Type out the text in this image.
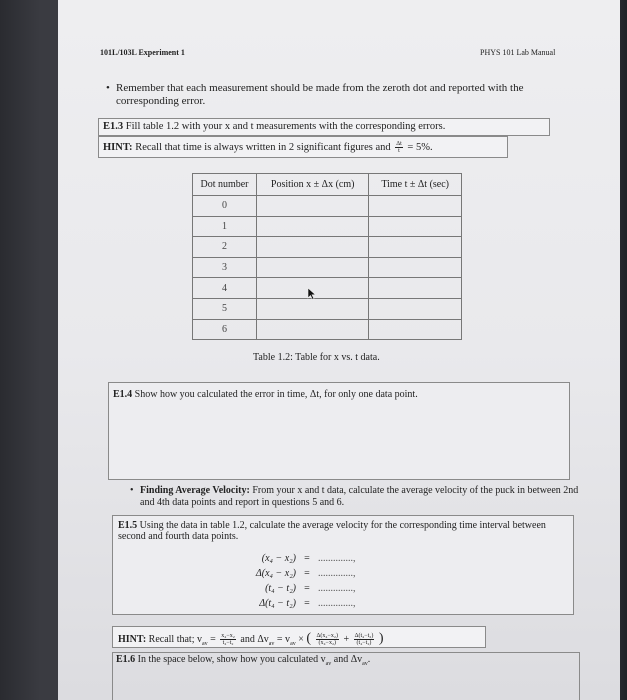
101L/103L Experiment 1	PHYS 101 Lab Manual
• Remember that each measurement should be made from the zeroth dot and reported with the corresponding error.
E1.3 Fill table 1.2 with your x and t measurements with the corresponding errors.
HINT: Recall that time is always written in 2 significant figures and $\frac{\Delta t}{t} = 5\%$.
Dot number	Position x ± Δx (cm)	Time t ± Δt (sec)
0		
1		
2		
3		
4		
5		
6		
Table 1.2: Table for x vs. t data.
E1.4 Show how you calculated the error in time, Δt, for only one data point.
• Finding Average Velocity: From your x and t data, calculate the average velocity of the puck in between 2nd and 4th data points and report in questions 5 and 6.
E1.5 Using the data in table 1.2, calculate the average velocity for the corresponding time interval between second and fourth data points.
(x₄ − x₂) = ..............,
Δ(x₄ − x₂) = ..............,
(t₄ − t₂) = ..............,
Δ(t₄ − t₂) = ..............,
HINT: Recall that; $v_{av} = \frac{\text{x₄−x₂}}{\text{t₄−t₂}}$ and $\Delta v_{av} = v_{av}$ × ( $\frac{\text{Δ(x₄−x₂)}}{\text{(x₄−x₂)}} + \frac{\text{Δ(t₄−t₂)}}{\text{(t₄−t₂)}}$ )
E1.6 In the space below, show how you calculated $v_{av}$ and $\Delta v_{av}$.
